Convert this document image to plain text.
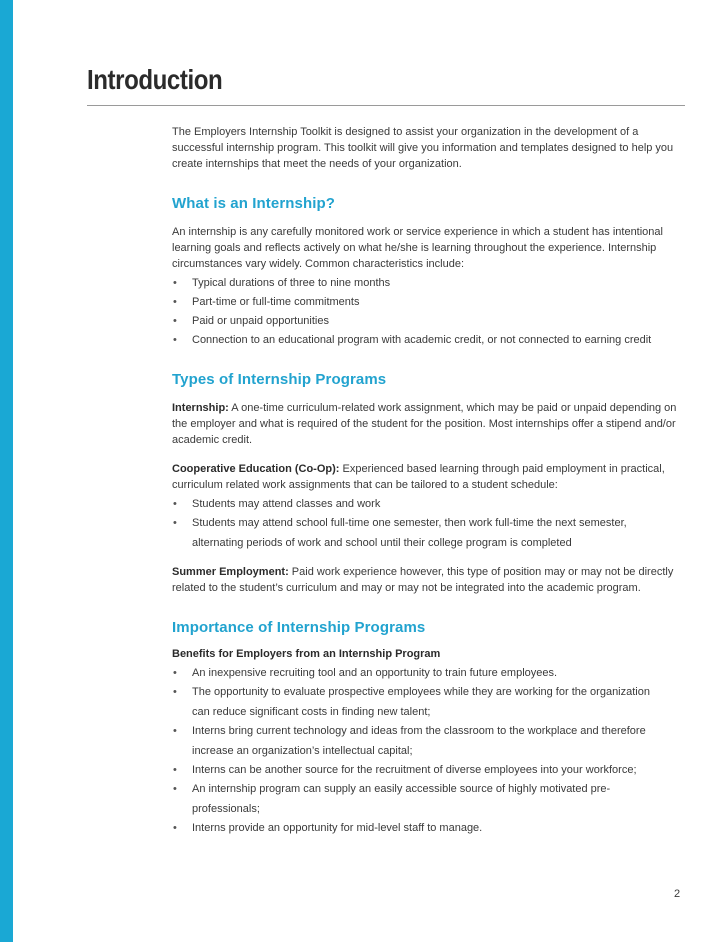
Introduction

The Employers Internship Toolkit is designed to assist your organization in the development of a successful internship program. This toolkit will give you information and templates designed to help you create internships that meet the needs of your organization.

What is an Internship?

An internship is any carefully monitored work or service experience in which a student has intentional learning goals and reflects actively on what he/she is learning throughout the experience. Internship circumstances vary widely. Common characteristics include:

• Typical durations of three to nine months
• Part-time or full-time commitments
• Paid or unpaid opportunities
• Connection to an educational program with academic credit, or not connected to earning credit
Types of Internship Programs

Internship: A one-time curriculum-related work assignment, which may be paid or unpaid depending on the employer and what is required of the student for the position. Most internships offer a stipend and/or academic credit.

Cooperative Education (Co-Op): Experienced based learning through paid employment in practical, curriculum related work assignments that can be tailored to a student schedule:

• Students may attend classes and work
• Students may attend school full-time one semester, then work full-time the next semester,
alternating periods of work and school until their college program is completed

Summer Employment: Paid work experience however, this type of position may or may not be directly related to the student’s curriculum and may or may not be integrated into the academic program.

Importance of Internship Programs

Benefits for Employers from an Internship Program

• An inexpensive recruiting tool and an opportunity to train future employees.
• The opportunity to evaluate prospective employees while they are working for the organization
can reduce significant costs in finding new talent;
• Interns bring current technology and ideas from the classroom to the workplace and therefore
increase an organization’s intellectual capital;
• Interns can be another source for the recruitment of diverse employees into your workforce;
• An internship program can supply an easily accessible source of highly motivated pre-
professionals;
• Interns provide an opportunity for mid-level staff to manage.
2
